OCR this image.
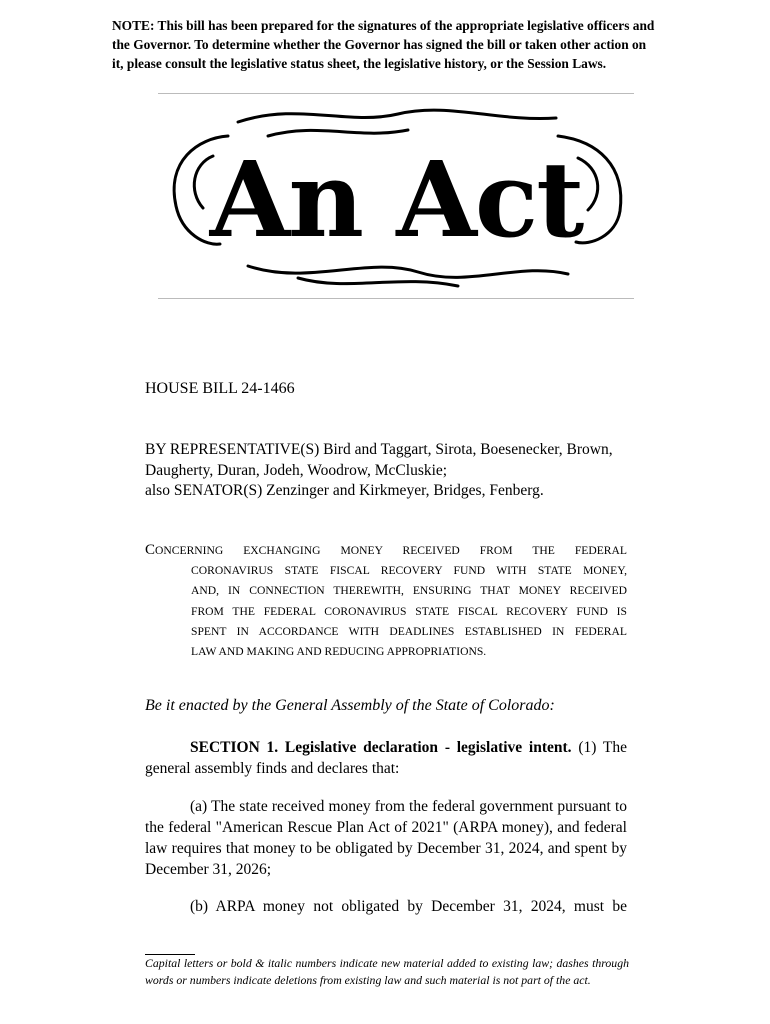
NOTE: This bill has been prepared for the signatures of the appropriate legislative officers and the Governor. To determine whether the Governor has signed the bill or taken other action on it, please consult the legislative status sheet, the legislative history, or the Session Laws.

An Act

HOUSE BILL 24-1466

BY REPRESENTATIVE(S) Bird and Taggart, Sirota, Boesenecker, Brown, Daugherty, Duran, Jodeh, Woodrow, McCluskie;
also SENATOR(S) Zenzinger and Kirkmeyer, Bridges, Fenberg.

CONCERNING EXCHANGING MONEY RECEIVED FROM THE FEDERAL
CORONAVIRUS STATE FISCAL RECOVERY FUND WITH STATE MONEY,
AND, IN CONNECTION THEREWITH, ENSURING THAT MONEY RECEIVED
FROM THE FEDERAL CORONAVIRUS STATE FISCAL RECOVERY FUND IS
SPENT IN ACCORDANCE WITH DEADLINES ESTABLISHED IN FEDERAL
LAW AND MAKING AND REDUCING APPROPRIATIONS.

Be it enacted by the General Assembly of the State of Colorado:

SECTION 1. Legislative declaration - legislative intent. (1) The general assembly finds and declares that:

(a) The state received money from the federal government pursuant to the federal "American Rescue Plan Act of 2021" (ARPA money), and federal law requires that money to be obligated by December 31, 2024, and spent by December 31, 2026;

(b) ARPA money not obligated by December 31, 2024, must be

Capital letters or bold & italic numbers indicate new material added to existing law; dashes through words or numbers indicate deletions from existing law and such material is not part of the act.
